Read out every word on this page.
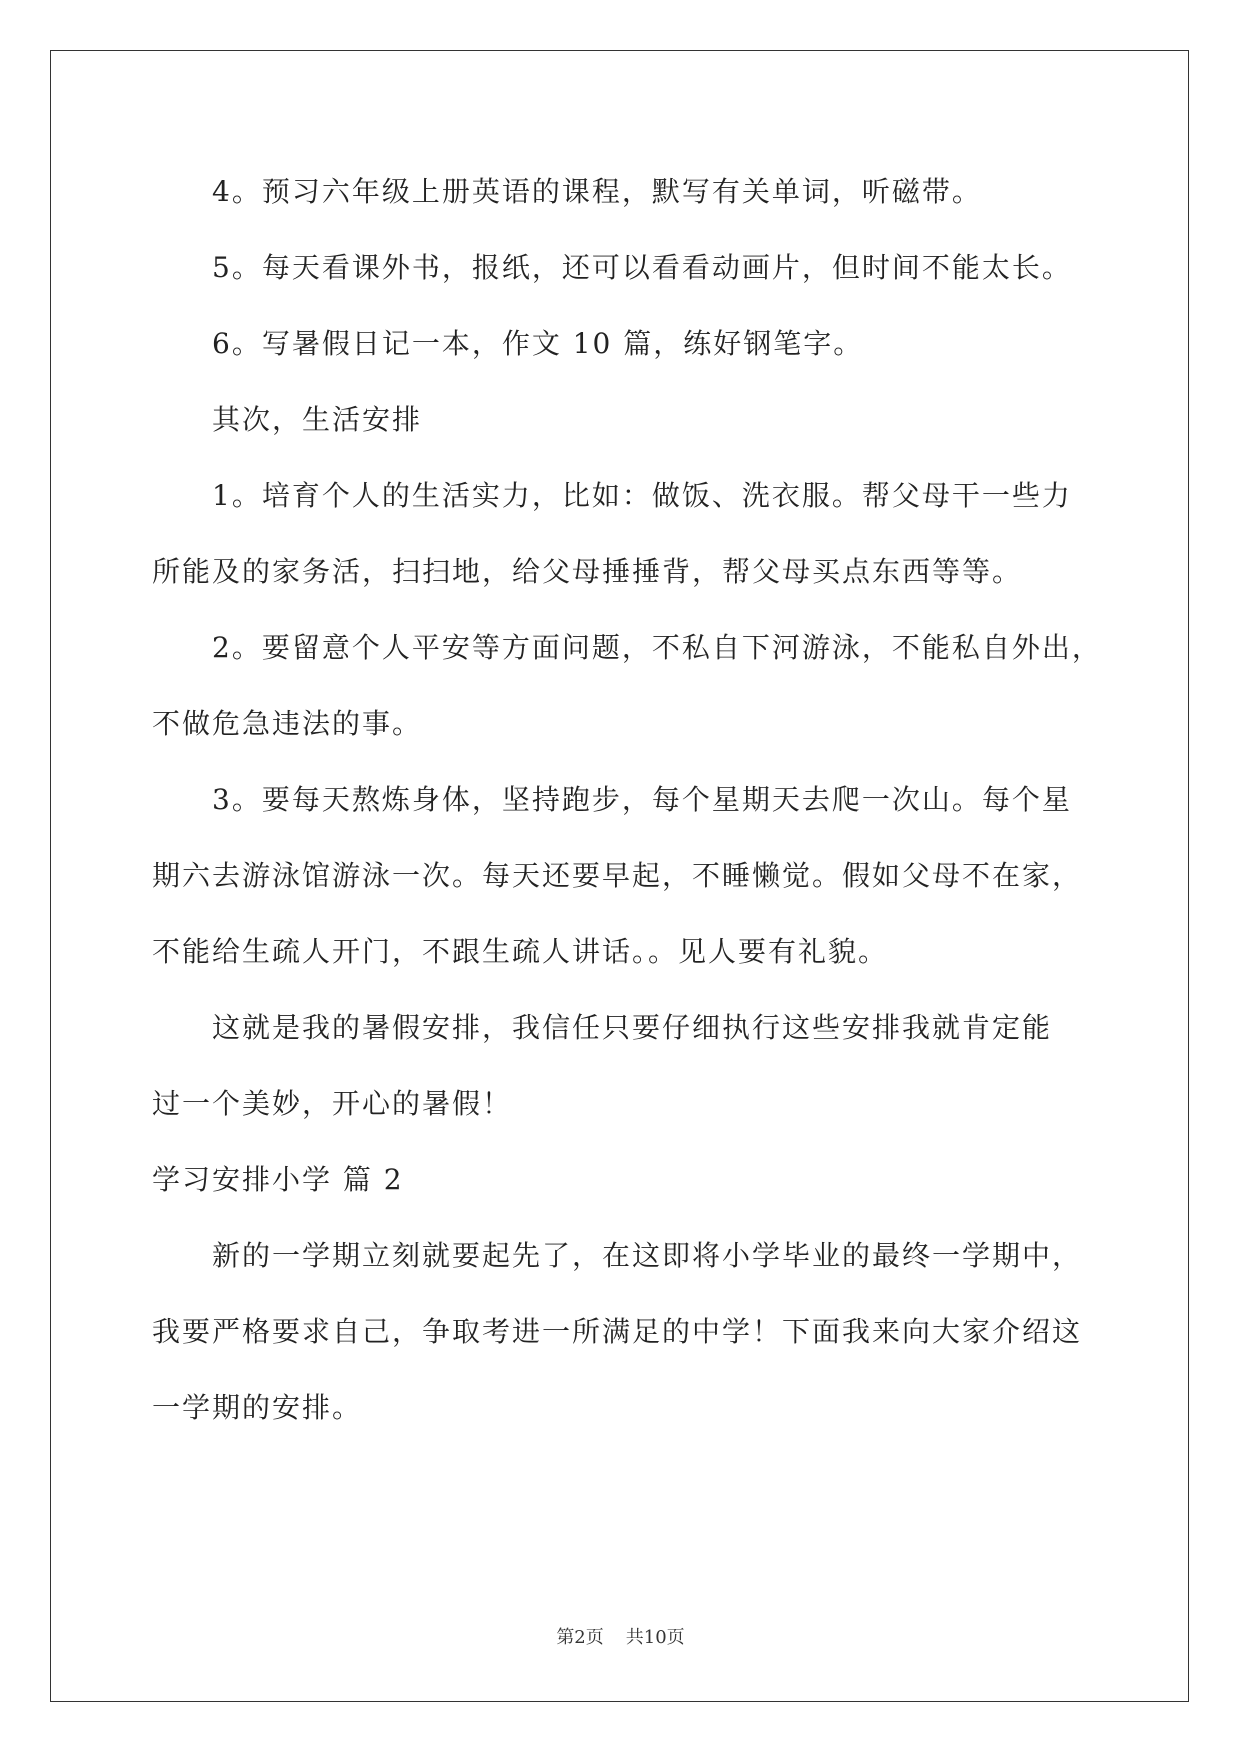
4。预习六年级上册英语的课程，默写有关单词，听磁带。
5。每天看课外书，报纸，还可以看看动画片，但时间不能太长。
6。写暑假日记一本，作文 10 篇，练好钢笔字。
其次，生活安排
1。培育个人的生活实力，比如：做饭、洗衣服。帮父母干一些力
所能及的家务活，扫扫地，给父母捶捶背，帮父母买点东西等等。
2。要留意个人平安等方面问题，不私自下河游泳，不能私自外出，
不做危急违法的事。
3。要每天熬炼身体，坚持跑步，每个星期天去爬一次山。每个星
期六去游泳馆游泳一次。每天还要早起，不睡懒觉。假如父母不在家，
不能给生疏人开门，不跟生疏人讲话。。见人要有礼貌。
这就是我的暑假安排，我信任只要仔细执行这些安排我就肯定能
过一个美妙，开心的暑假！
学习安排小学 篇 2
新的一学期立刻就要起先了，在这即将小学毕业的最终一学期中，
我要严格要求自己，争取考进一所满足的中学！下面我来向大家介绍这
一学期的安排。
第2页 共10页
